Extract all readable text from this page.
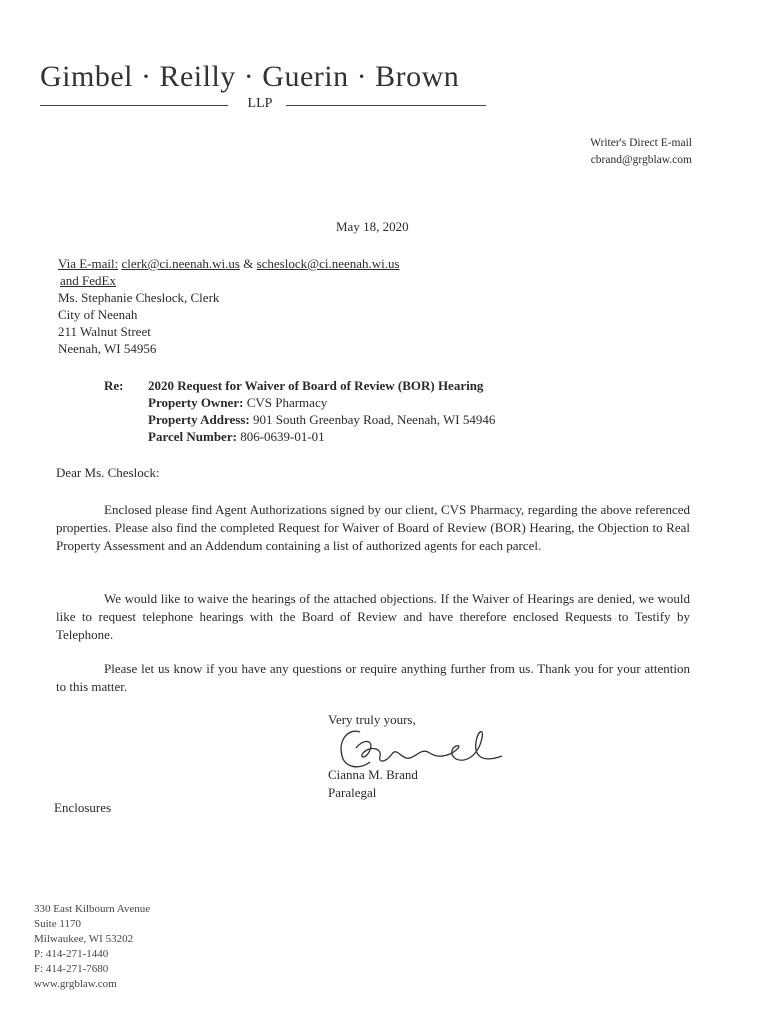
Gimbel · Reilly · Guerin · Brown
LLP
Writer's Direct E-mail
cbrand@grgblaw.com
May 18, 2020
Via E-mail: clerk@ci.neenah.wi.us & scheslock@ci.neenah.wi.us
and FedEx
Ms. Stephanie Cheslock, Clerk
City of Neenah
211 Walnut Street
Neenah, WI 54956
Re: 2020 Request for Waiver of Board of Review (BOR) Hearing
Property Owner: CVS Pharmacy
Property Address: 901 South Greenbay Road, Neenah, WI 54946
Parcel Number: 806-0639-01-01
Dear Ms. Cheslock:
Enclosed please find Agent Authorizations signed by our client, CVS Pharmacy, regarding the above referenced properties. Please also find the completed Request for Waiver of Board of Review (BOR) Hearing, the Objection to Real Property Assessment and an Addendum containing a list of authorized agents for each parcel.
We would like to waive the hearings of the attached objections. If the Waiver of Hearings are denied, we would like to request telephone hearings with the Board of Review and have therefore enclosed Requests to Testify by Telephone.
Please let us know if you have any questions or require anything further from us. Thank you for your attention to this matter.
Very truly yours,
Cianna M. Brand
Paralegal
Enclosures
330 East Kilbourn Avenue
Suite 1170
Milwaukee, WI 53202
P: 414-271-1440
F: 414-271-7680
www.grgblaw.com
